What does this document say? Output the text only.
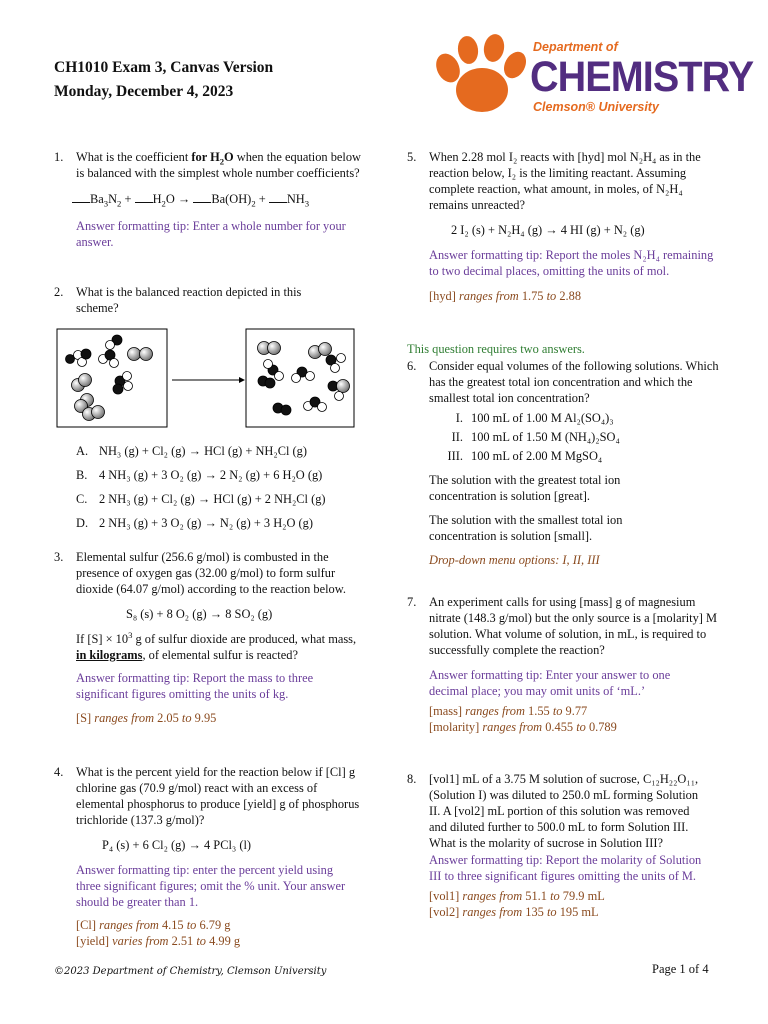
CH1010 Exam 3, Canvas Version
Monday, December 4, 2023
Department of
CHEMISTRY
Clemson® University
1. What is the coefficient for $H_2O$ when the equation below is balanced with the simplest whole number coefficients?
$Ba_3N_2 + H_2O \to Ba(OH)_2 + NH_3$
Answer formatting tip: Enter a whole number for your answer.
2. What is the balanced reaction depicted in this scheme?
A. NH₃ (g) + Cl₂ (g) → HCl (g) + NH₂Cl (g)
B. 4 NH₃ (g) + 3 O₂ (g) → 2 N₂ (g) + 6 H₂O (g)
C. 2 NH₃ (g) + Cl₂ (g) → HCl (g) + 2 NH₂Cl (g)
D. 2 NH₃ (g) + 3 O₂ (g) → N₂ (g) + 3 H₂O (g)
3. Elemental sulfur (256.6 g/mol) is combusted in the presence of oxygen gas (32.00 g/mol) to form sulfur dioxide (64.07 g/mol) according to the reaction below.
S₈ (s) + 8 O₂ (g) → 8 SO₂ (g)
If $[S] \times 10^3$ g of sulfur dioxide are produced, what mass, in kilograms, of elemental sulfur is reacted?
Answer formatting tip: Report the mass to three significant figures omitting the units of kg.
[S] ranges from 2.05 to 9.95
4. What is the percent yield for the reaction below if [Cl] g chlorine gas (70.9 g/mol) react with an excess of elemental phosphorus to produce [yield] g of phosphorus trichloride (137.3 g/mol)?
P₄ (s) + 6 Cl₂ (g) → 4 PCl₃ (l)
Answer formatting tip: enter the percent yield using three significant figures; omit the % unit. Your answer should be greater than 1.
[Cl] ranges from 4.15 to 6.79 g
[yield] varies from 2.51 to 4.99 g
5. When 2.28 mol I₂ reacts with [hyd] mol N₂H₄ as in the reaction below, I₂ is the limiting reactant. Assuming complete reaction, what amount, in moles, of N₂H₄ remains unreacted?
2 I₂ (s) + N₂H₄ (g) → 4 HI (g) + N₂ (g)
Answer formatting tip: Report the moles N₂H₄ remaining to two decimal places, omitting the units of mol.
[hyd] ranges from 1.75 to 2.88
This question requires two answers.
6. Consider equal volumes of the following solutions. Which has the greatest total ion concentration and which the smallest total ion concentration?
I. 100 mL of 1.00 M Al₂(SO₄)₃
II. 100 mL of 1.50 M (NH₄)₂SO₄
III. 100 mL of 2.00 M MgSO₄
The solution with the greatest total ion concentration is solution [great].
The solution with the smallest total ion concentration is solution [small].
Drop-down menu options: I, II, III
7. An experiment calls for using [mass] g of magnesium nitrate (148.3 g/mol) but the only source is a [molarity] M solution. What volume of solution, in mL, is required to successfully complete the reaction?
Answer formatting tip: Enter your answer to one decimal place; you may omit units of ‘mL.’
[mass] ranges from 1.55 to 9.77
[molarity] ranges from 0.455 to 0.789
8. [vol1] mL of a 3.75 M solution of sucrose, C₁₂H₂₂O₁₁, (Solution I) was diluted to 250.0 mL forming Solution II. A [vol2] mL portion of this solution was removed and diluted further to 500.0 mL to form Solution III. What is the molarity of sucrose in Solution III?
Answer formatting tip: Report the molarity of Solution III to three significant figures omitting the units of M.
[vol1] ranges from 51.1 to 79.9 mL
[vol2] ranges from 135 to 195 mL
©2023 Department of Chemistry, Clemson University	Page 1 of 4
